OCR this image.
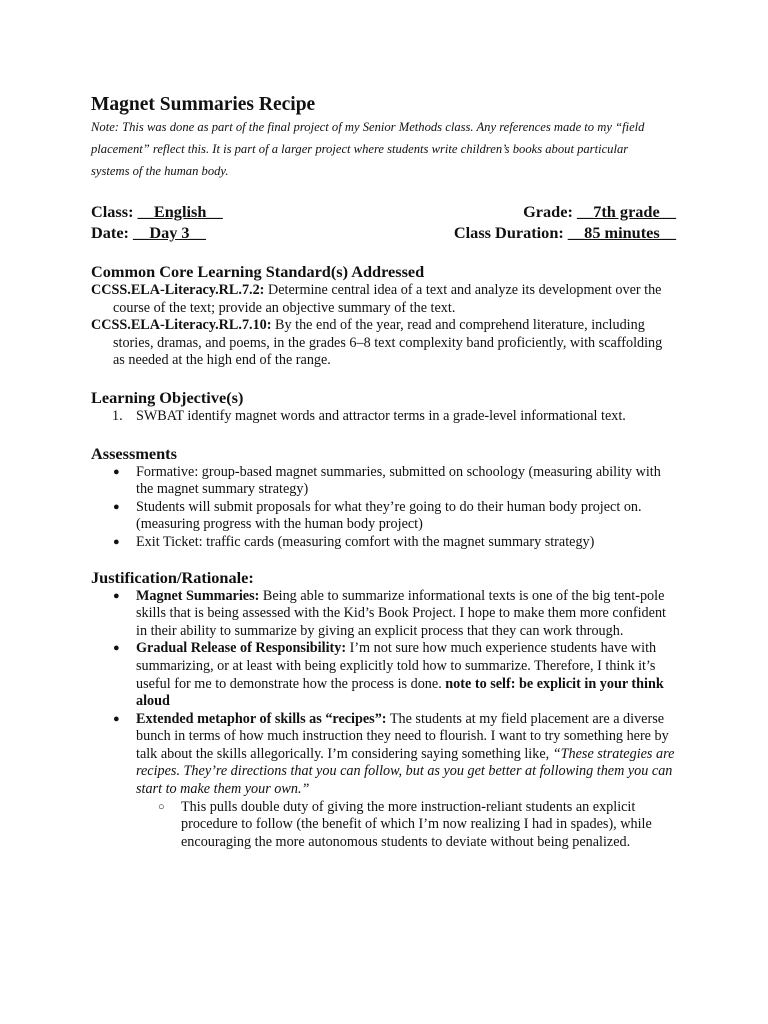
Magnet Summaries Recipe

Note: This was done as part of the final project of my Senior Methods class. Any references made to my “field placement” reflect this. It is part of a larger project where students write children’s books about particular systems of the human body.

Class: __English__	Grade: __7th grade__
Date: __Day 3__	Class Duration: __85 minutes__
Common Core Learning Standard(s) Addressed

CCSS.ELA-Literacy.RL.7.2: Determine central idea of a text and analyze its development over the course of the text; provide an objective summary of the text.

CCSS.ELA-Literacy.RL.7.10: By the end of the year, read and comprehend literature, including stories, dramas, and poems, in the grades 6–8 text complexity band proficiently, with scaffolding as needed at the high end of the range.

Learning Objective(s)
1. SWBAT identify magnet words and attractor terms in a grade-level informational text.
Assessments
● Formative: group-based magnet summaries, submitted on schoology (measuring ability with the magnet summary strategy)
● Students will submit proposals for what they’re going to do their human body project on. (measuring progress with the human body project)
● Exit Ticket: traffic cards (measuring comfort with the magnet summary strategy)
Justification/Rationale:
● Magnet Summaries: Being able to summarize informational texts is one of the big tent-pole skills that is being assessed with the Kid’s Book Project. I hope to make them more confident in their ability to summarize by giving an explicit process that they can work through.
● Gradual Release of Responsibility: I’m not sure how much experience students have with summarizing, or at least with being explicitly told how to summarize. Therefore, I think it’s useful for me to demonstrate how the process is done. note to self: be explicit in your think aloud
● Extended metaphor of skills as “recipes”: The students at my field placement are a diverse bunch in terms of how much instruction they need to flourish. I want to try something here by talk about the skills allegorically. I’m considering saying something like, “These strategies are recipes. They’re directions that you can follow, but as you get better at following them you can start to make them your own.”
○ This pulls double duty of giving the more instruction-reliant students an explicit procedure to follow (the benefit of which I’m now realizing I had in spades), while encouraging the more autonomous students to deviate without being penalized.
